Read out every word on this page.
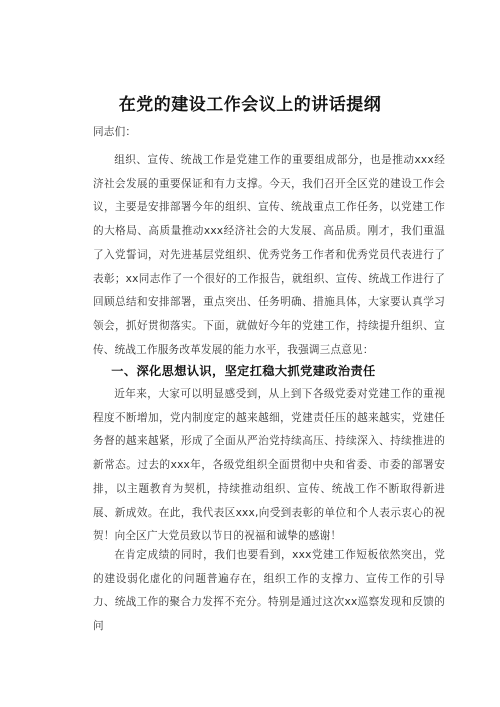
在党的建设工作会议上的讲话提纲
同志们：

组织、宣传、统战工作是党建工作的重要组成部分，也是推动xxx经济社会发展的重要保证和有力支撑。今天，我们召开全区党的建设工作会议，主要是安排部署今年的组织、宣传、统战重点工作任务，以党建工作的大格局、高质量推动xxx经济社会的大发展、高品质。刚才，我们重温了入党誓词，对先进基层党组织、优秀党务工作者和优秀党员代表进行了表彰；xx同志作了一个很好的工作报告，就组织、宣传、统战工作进行了回顾总结和安排部署，重点突出、任务明确、措施具体，大家要认真学习领会，抓好贯彻落实。下面，就做好今年的党建工作，持续提升组织、宣传、统战工作服务改革发展的能力水平，我强调三点意见：

一、深化思想认识，坚定扛稳大抓党建政治责任

近年来，大家可以明显感受到，从上到下各级党委对党建工作的重视程度不断增加，党内制度定的越来越细，党建责任压的越来越实，党建任务督的越来越紧，形成了全面从严治党持续高压、持续深入、持续推进的新常态。过去的xxx年，各级党组织全面贯彻中央和省委、市委的部署安排，以主题教育为契机，持续推动组织、宣传、统战工作不断取得新进展、新成效。在此，我代表区xxx,向受到表彰的单位和个人表示衷心的祝贺！向全区广大党员致以节日的祝福和诚挚的感谢！

在肯定成绩的同时，我们也要看到，xxx党建工作短板依然突出，党的建设弱化虚化的问题普遍存在，组织工作的支撑力、宣传工作的引导力、统战工作的聚合力发挥不充分。特别是通过这次xx巡察发现和反馈的问
